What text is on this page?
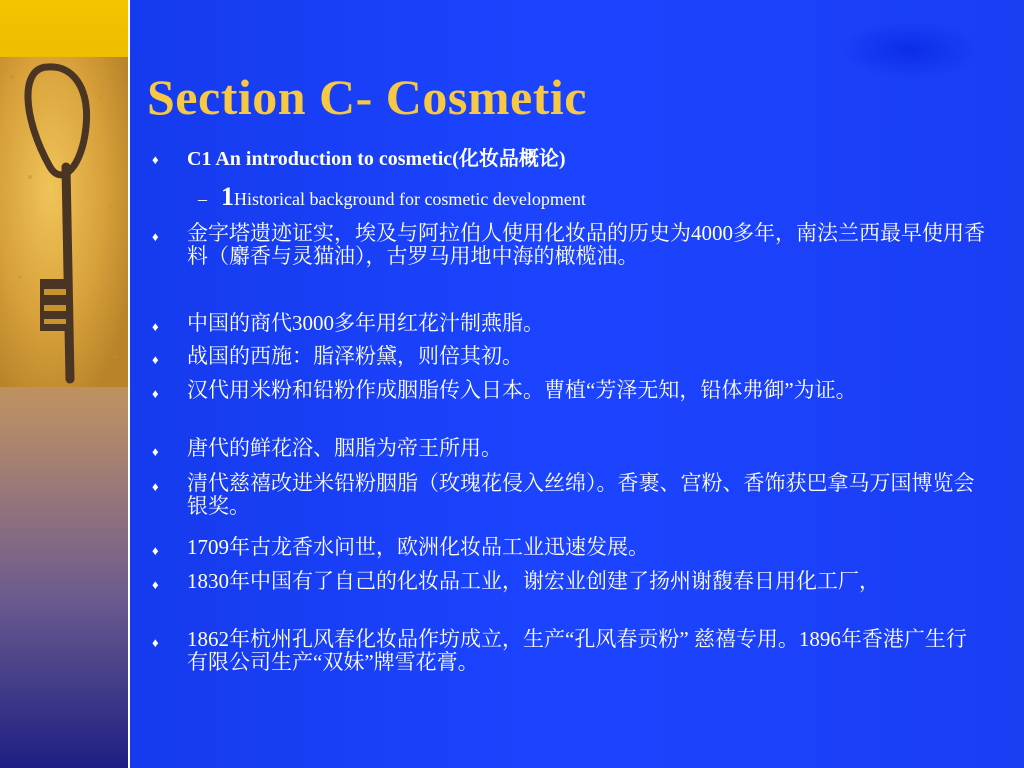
Section C- Cosmetic
♦ C1 An introduction to cosmetic(化妆品概论)
– 1Historical background for cosmetic development
♦ 金字塔遗迹证实，埃及与阿拉伯人使用化妆品的历史为4000多年，南法兰西最早使用香料（麝香与灵猫油），古罗马用地中海的橄榄油。
♦ 中国的商代3000多年用红花汁制燕脂。
♦ 战国的西施：脂泽粉黛，则倍其初。
♦ 汉代用米粉和铅粉作成胭脂传入日本。曹植“芳泽无知，铅体弗御”为证。
♦ 唐代的鲜花浴、胭脂为帝王所用。
♦ 清代慈禧改进米铅粉胭脂（玫瑰花侵入丝绵）。香裹、宫粉、香饰获巴拿马万国博览会银奖。
♦ 1709年古龙香水问世，欧洲化妆品工业迅速发展。
♦ 1830年中国有了自己的化妆品工业，谢宏业创建了扬州谢馥春日用化工厂，
♦ 1862年杭州孔风春化妆品作坊成立，生产“孔风春贡粉” 慈禧专用。1896年香港广生行有限公司生产“双妹”牌雪花膏。
